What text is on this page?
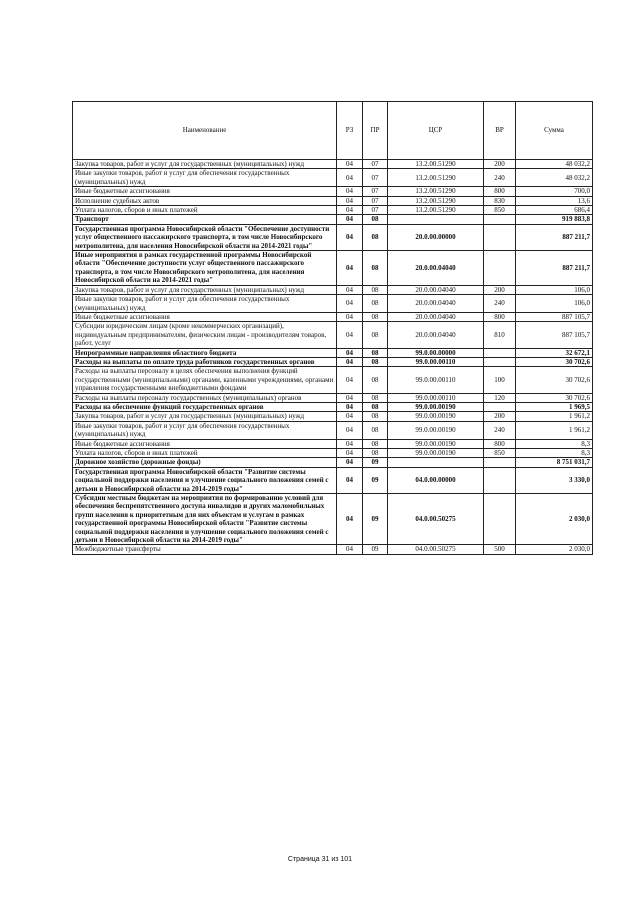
Наименование	РЗ	ПР	ЦСР	ВР	Сумма
Закупка товаров, работ и услуг для государственных (муниципальных) нужд	04	07	13.2.00.51290	200	48 032,2
Иные закупки товаров, работ и услуг для обеспечения государственных (муниципальных) нужд	04	07	13.2.00.51290	240	48 032,2
Иные бюджетные ассигнования	04	07	13.2.00.51290	800	700,0
Исполнение судебных актов	04	07	13.2.00.51290	830	13,6
Уплата налогов, сборов и иных платежей	04	07	13.2.00.51290	850	686,4
Транспорт	04	08			919 883,8
Государственная программа Новосибирской области "Обеспечение доступности услуг общественного пассажирского транспорта, в том числе Новосибирского метрополитена, для населения Новосибирской области на 2014-2021 годы"	04	08	20.0.00.00000		887 211,7
Иные мероприятия в рамках государственной программы Новосибирской области "Обеспечение доступности услуг общественного пассажирского транспорта, в том числе Новосибирского метрополитена, для населения Новосибирской области на 2014-2021 годы"	04	08	20.0.00.04040		887 211,7
Закупка товаров, работ и услуг для государственных (муниципальных) нужд	04	08	20.0.00.04040	200	106,0
Иные закупки товаров, работ и услуг для обеспечения государственных (муниципальных) нужд	04	08	20.0.00.04040	240	106,0
Иные бюджетные ассигнования	04	08	20.0.00.04040	800	887 105,7
Субсидии юридическим лицам (кроме некоммерческих организаций), индивидуальным предпринимателям, физическим лицам - производителям товаров, работ, услуг	04	08	20.0.00.04040	810	887 105,7
Непрограммные направления областного бюджета	04	08	99.0.00.00000		32 672,1
Расходы на выплаты по оплате труда работников государственных органов	04	08	99.0.00.00110		30 702,6
Расходы на выплаты персоналу в целях обеспечения выполнения функций государственными (муниципальными) органами, казенными учреждениями, органами управления государственными внебюджетными фондами	04	08	99.0.00.00110	100	30 702,6
Расходы на выплаты персоналу государственных (муниципальных) органов	04	08	99.0.00.00110	120	30 702,6
Расходы на обеспечение функций государственных органов	04	08	99.0.00.00190		1 969,5
Закупка товаров, работ и услуг для государственных (муниципальных) нужд	04	08	99.0.00.00190	200	1 961,2
Иные закупки товаров, работ и услуг для обеспечения государственных (муниципальных) нужд	04	08	99.0.00.00190	240	1 961,2
Иные бюджетные ассигнования	04	08	99.0.00.00190	800	8,3
Уплата налогов, сборов и иных платежей	04	08	99.0.00.00190	850	8,3
Дорожное хозяйство (дорожные фонды)	04	09			8 751 031,7
Государственная программа Новосибирской области "Развитие системы социальной поддержки населения и улучшение социального положения семей с детьми в Новосибирской области на 2014-2019 годы"	04	09	04.0.00.00000		3 330,0
Субсидии местным бюджетам на мероприятия по формированию условий для обеспечения беспрепятственного доступа инвалидов и других маломобильных групп населения к приоритетным для них объектам и услугам в рамках государственной программы Новосибирской области "Развитие системы социальной поддержки населения и улучшение социального положения семей с детьми в Новосибирской области на 2014-2019 годы"	04	09	04.0.00.50275		2 030,0
Межбюджетные трансферты	04	09	04.0.00.50275	500	2 030,0
Страница 31 из 101
